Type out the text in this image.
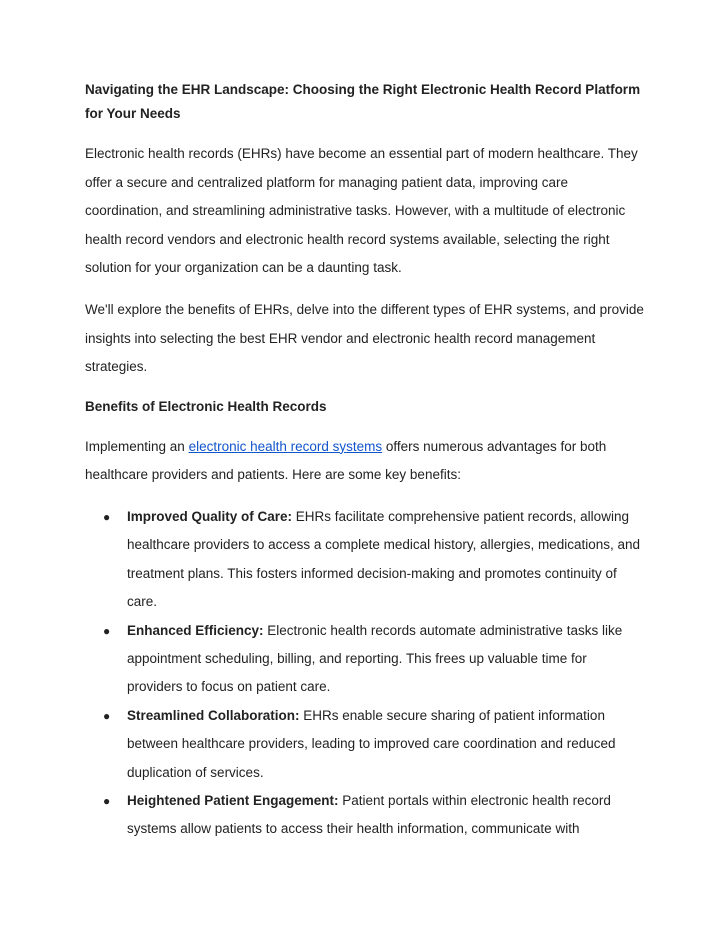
Navigating the EHR Landscape: Choosing the Right Electronic Health Record Platform for Your Needs

Electronic health records (EHRs) have become an essential part of modern healthcare. They offer a secure and centralized platform for managing patient data, improving care coordination, and streamlining administrative tasks. However, with a multitude of electronic health record vendors and electronic health record systems available, selecting the right solution for your organization can be a daunting task.

We'll explore the benefits of EHRs, delve into the different types of EHR systems, and provide insights into selecting the best EHR vendor and electronic health record management strategies.

Benefits of Electronic Health Records

Implementing an electronic health record systems offers numerous advantages for both healthcare providers and patients. Here are some key benefits:

● Improved Quality of Care: EHRs facilitate comprehensive patient records, allowing healthcare providers to access a complete medical history, allergies, medications, and treatment plans. This fosters informed decision-making and promotes continuity of care.
● Enhanced Efficiency: Electronic health records automate administrative tasks like appointment scheduling, billing, and reporting. This frees up valuable time for providers to focus on patient care.
● Streamlined Collaboration: EHRs enable secure sharing of patient information between healthcare providers, leading to improved care coordination and reduced duplication of services.
● Heightened Patient Engagement: Patient portals within electronic health record systems allow patients to access their health information, communicate with
